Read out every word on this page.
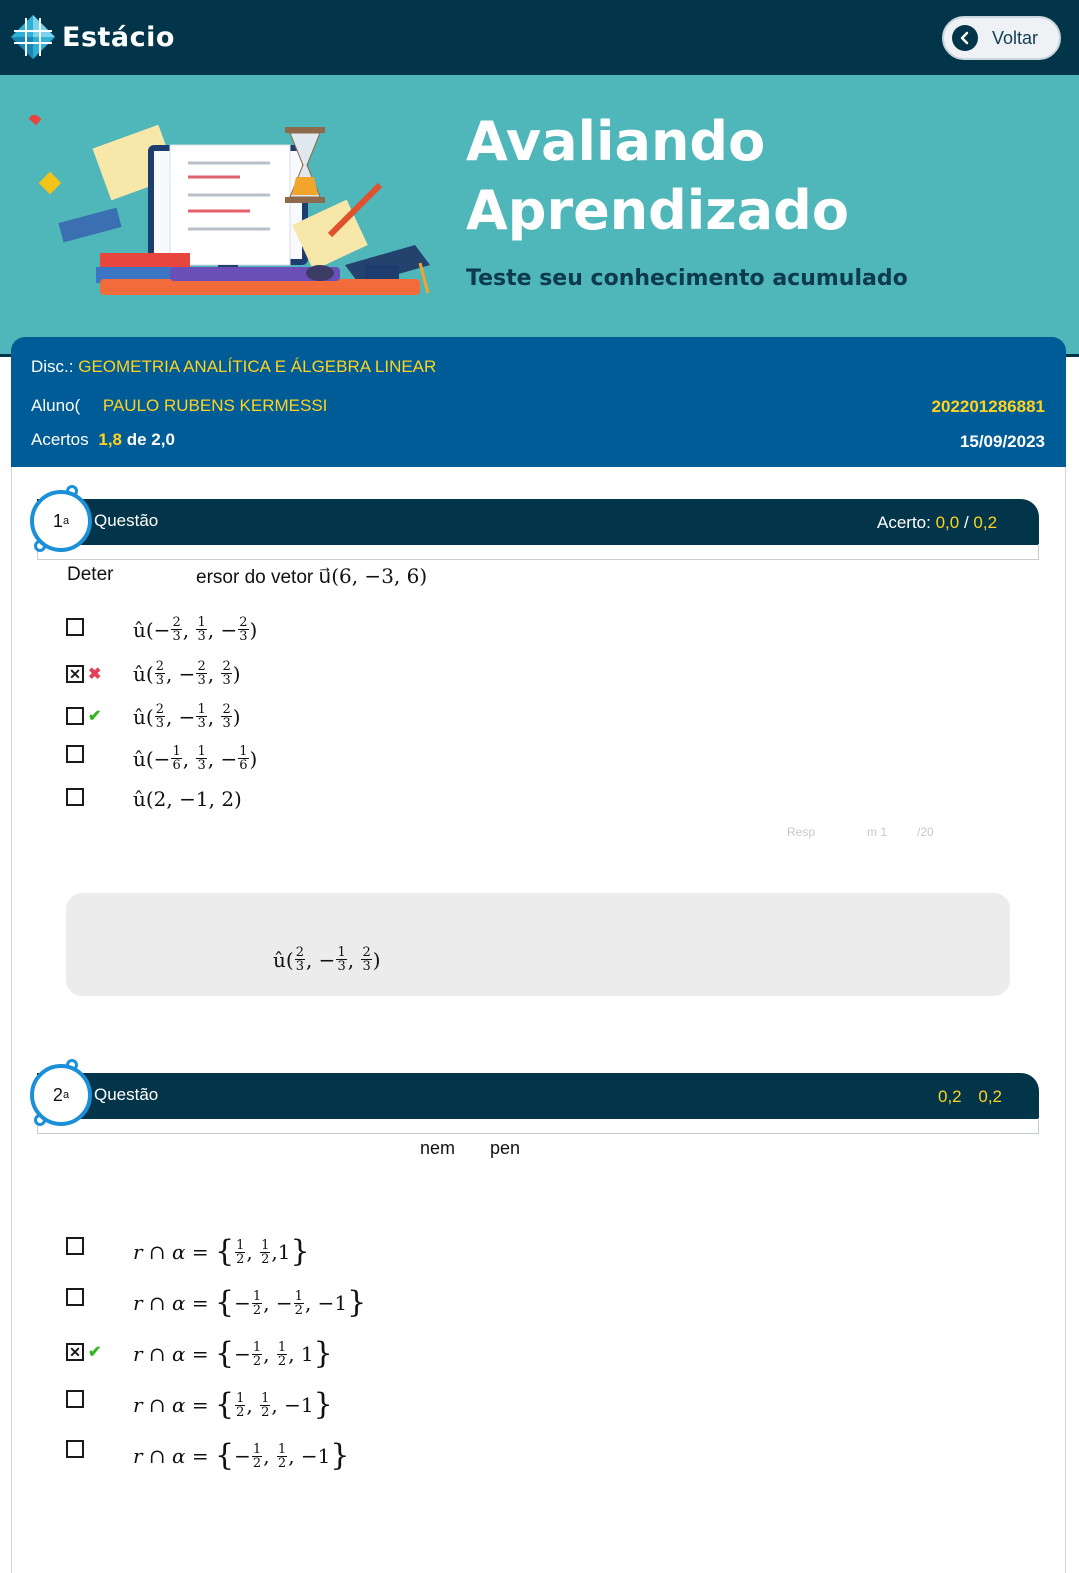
Estácio	Voltar
Avaliando
Aprendizado
Teste seu conhecimento acumulado
Disc.: GEOMETRIA ANALÍTICA E ÁLGEBRA LINEAR
Aluno( PAULO RUBENS KERMESSI	202201286881
Acertos 1,8 de 2,0	15/09/2023
1 a Questão	Acerto: 0,0 / 0,2
Deter	ersor do vetor u⃗(6, −3, 6)
û(− $\frac{2}{3}$ , $\frac{1}{3}$ , − $\frac{2}{3}$ )
✕ ✖	û( $\frac{2}{3}$ , − $\frac{2}{3}$ , $\frac{2}{3}$ )
✔	û( $\frac{2}{3}$ , − $\frac{1}{3}$ , $\frac{2}{3}$ )
û(− $\frac{1}{6}$ , $\frac{1}{3}$ , − $\frac{1}{6}$ )
û(2, −1, 2)
Resp	m 1 /20
û( $\frac{2}{3}$ , − $\frac{1}{3}$ , $\frac{2}{3}$ )
2 a Questão	0,2 0,2
nem pen
r ∩ α = { $\frac{1}{2}$ , $\frac{1}{2} ,1$ }
r ∩ α = { − $\frac{1}{2}$ , − $\frac{1}{2}$ , −1 }
✕ ✔	r ∩ α = { − $\frac{1}{2}$ , $\frac{1}{2}$ , 1 }
r ∩ α = { $\frac{1}{2}$ , $\frac{1}{2}$ , −1 }
r ∩ α = { − $\frac{1}{2}$ , $\frac{1}{2}$ , −1 }
